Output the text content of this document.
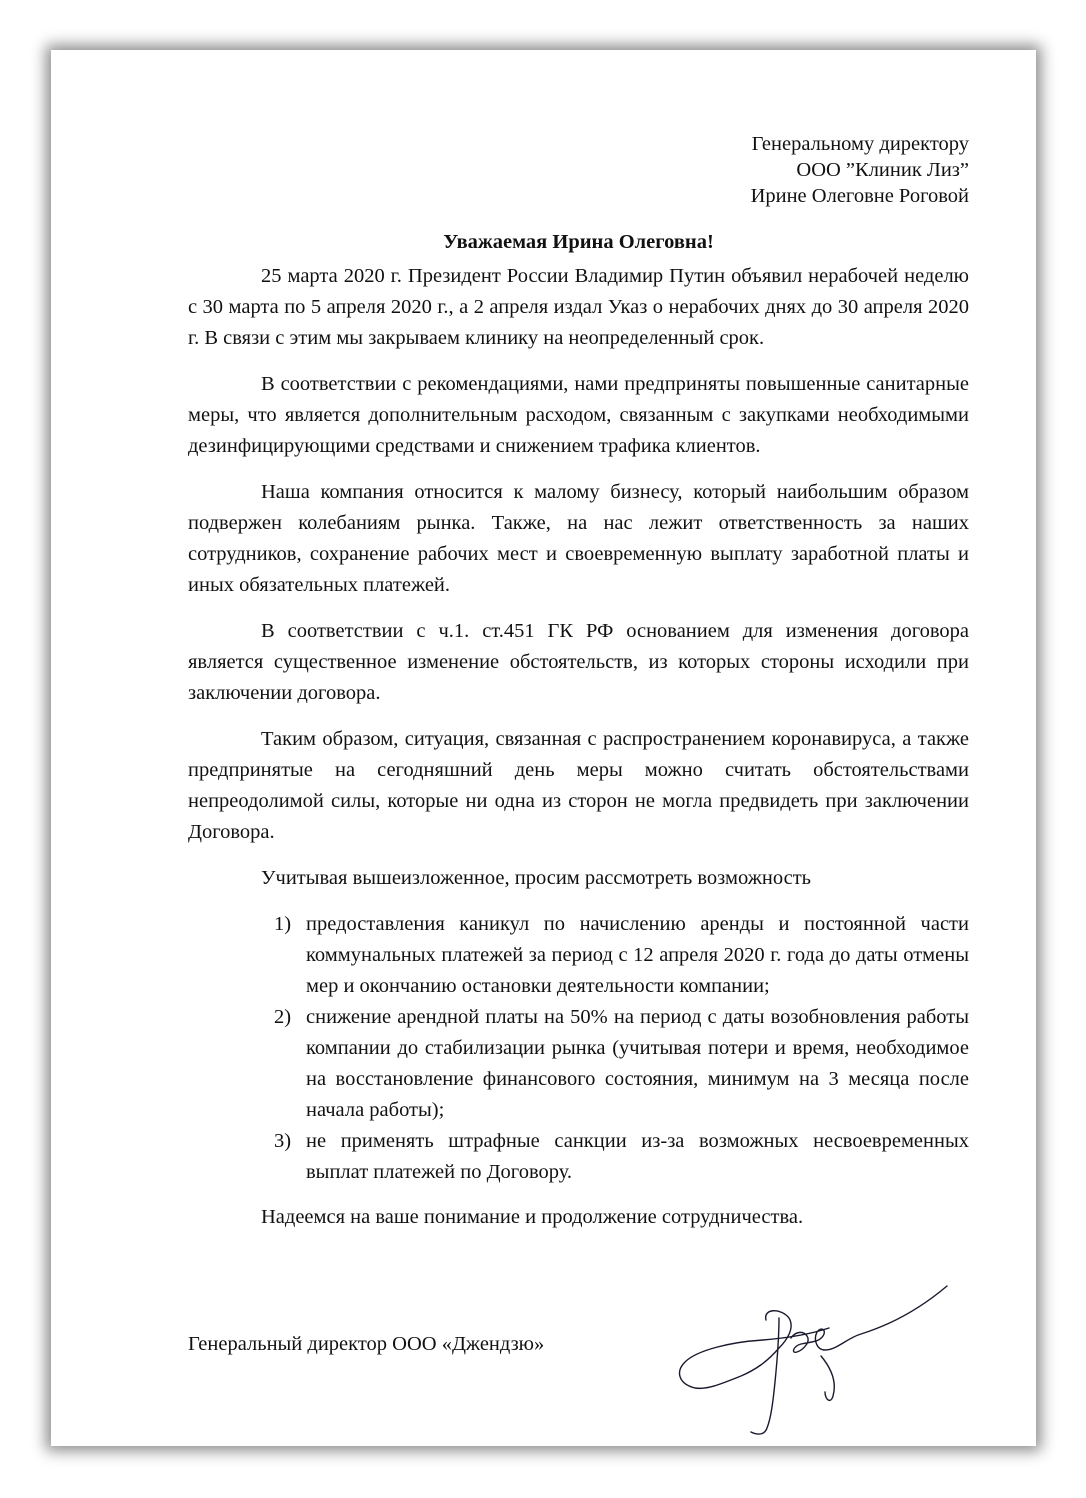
Генеральному директору
ООО ”Клиник Лиз”
Ирине Олеговне Роговой
Уважаемая Ирина Олеговна!

25 марта 2020 г. Президент России Владимир Путин объявил нерабочей неделю с 30 марта по 5 апреля 2020 г., а 2 апреля издал Указ о нерабочих днях до 30 апреля 2020 г. В связи с этим мы закрываем клинику на неопределенный срок.

В соответствии с рекомендациями, нами предприняты повышенные санитарные меры, что является дополнительным расходом, связанным с закупками необходимыми дезинфицирующими средствами и снижением трафика клиентов.

Наша компания относится к малому бизнесу, который наибольшим образом подвержен колебаниям рынка. Также, на нас лежит ответственность за наших сотрудников, сохранение рабочих мест и своевременную выплату заработной платы и иных обязательных платежей.

В соответствии с ч.1. ст.451 ГК РФ основанием для изменения договора является существенное изменение обстоятельств, из которых стороны исходили при заключении договора.

Таким образом, ситуация, связанная с распространением коронавируса, а также предпринятые на сегодняшний день меры можно считать обстоятельствами непреодолимой силы, которые ни одна из сторон не могла предвидеть при заключении Договора.

Учитывая вышеизложенное, просим рассмотреть возможность

1) предоставления каникул по начислению аренды и постоянной части коммунальных платежей за период с 12 апреля 2020 г. года до даты отмены мер и окончанию остановки деятельности компании;
2) снижение арендной платы на 50% на период с даты возобновления работы компании до стабилизации рынка (учитывая потери и время, необходимое на восстановление финансового состояния, минимум на 3 месяца после начала работы);
3) не применять штрафные санкции из-за возможных несвоевременных выплат платежей по Договору.

Надеемся на ваше понимание и продолжение сотрудничества.

Генеральный директор ООО «Джендзю»
